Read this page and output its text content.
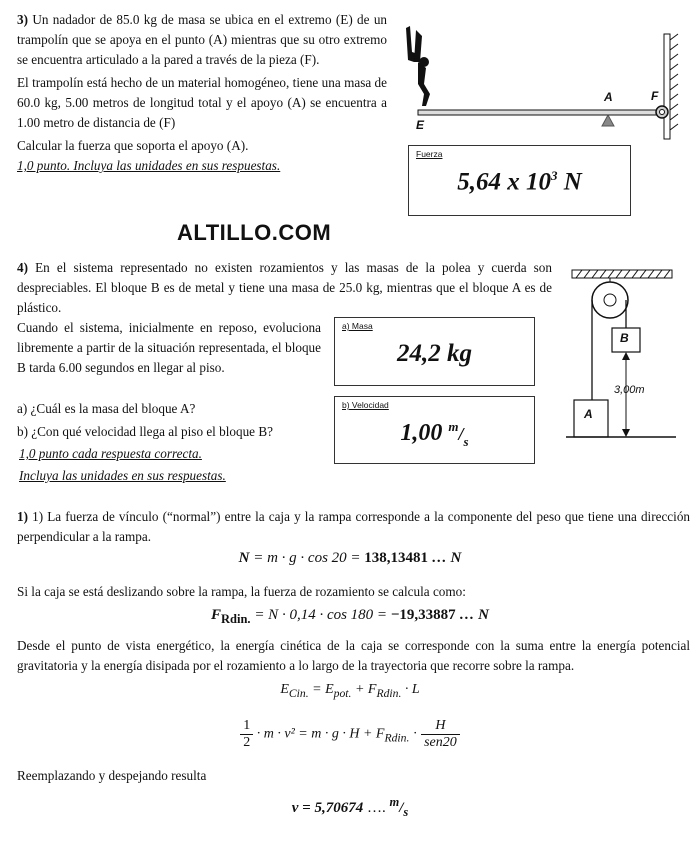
3) Un nadador de 85.0 kg de masa se ubica en el extremo (E) de un trampolín que se apoya en el punto (A) mientras que su otro extremo se encuentra articulado a la pared a través de la pieza (F).
El trampolín está hecho de un material homogéneo, tiene una masa de 60.0 kg, 5.00 metros de longitud total y el apoyo (A) se encuentra a 1.00 metro de distancia de (F)
Calcular la fuerza que soporta el apoyo (A).
1,0 punto. Incluya las unidades en sus respuestas.
A	F
E
Fuerza
5,64 x $10^3$ N
ALTILLO.COM
4) En el sistema representado no existen rozamientos y las masas de la polea y cuerda son despreciables. El bloque B es de metal y tiene una masa de 25.0 kg, mientras que el bloque A es de plástico.
Cuando el sistema, inicialmente en reposo, evoluciona libremente a partir de la situación representada, el bloque B tarda 6.00 segundos en llegar al piso.
a) ¿Cuál es la masa del bloque A?
b) ¿Con qué velocidad llega al piso el bloque B?
1,0 punto cada respuesta correcta.
Incluya las unidades en sus respuestas.
a) Masa
24,2 kg
b) Velocidad
1,00 $^m/_s$
B
A
3,00m
1) 1) La fuerza de vínculo (“normal”) entre la caja y la rampa corresponde a la componente del peso que tiene una dirección perpendicular a la rampa.
N = m · g · cos 20 = 138,13481 … N
Si la caja se está deslizando sobre la rampa, la fuerza de rozamiento se calcula como:
$F_{Rdin.} = N \cdot 0,14 \cdot \cos 180 = -19,33887$ … N
Desde el punto de vista energético, la energía cinética de la caja se corresponde con la suma entre la energía potencial gravitatoria y la energía disipada por el rozamiento a lo largo de la trayectoria que recorre sobre la rampa.
$E_{Cin.} = E_{pot.} + F_{Rdin.} \cdot L$
$\frac{1}{2} \cdot m \cdot v^2 = m \cdot g \cdot H + F_{Rdin.} \cdot \frac{H}{\text{sen20}}$
Reemplazando y despejando resulta
v = 5,70674 …. $^m/_s$
